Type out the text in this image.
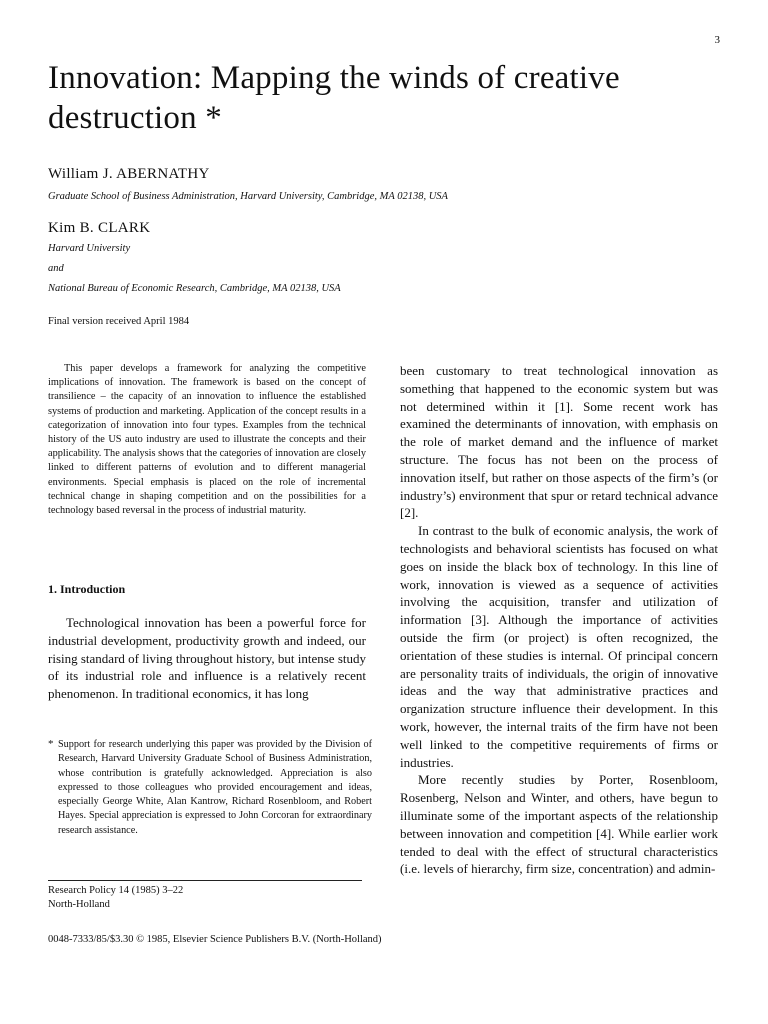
3
Innovation: Mapping the winds of creative destruction *
William J. ABERNATHY
Graduate School of Business Administration, Harvard University, Cambridge, MA 02138, USA
Kim B. CLARK
Harvard University
and
National Bureau of Economic Research, Cambridge, MA 02138, USA
Final version received April 1984

This paper develops a framework for analyzing the competitive implications of innovation. The framework is based on the concept of transilience – the capacity of an innovation to influence the established systems of production and marketing. Application of the concept results in a categorization of innovation into four types. Examples from the technical history of the US auto industry are used to illustrate the concepts and their applicability. The analysis shows that the categories of innovation are closely linked to different patterns of evolution and to different managerial environments. Special emphasis is placed on the role of incremental technical change in shaping competition and on the possibilities for a technology based reversal in the process of industrial maturity.

1. Introduction

Technological innovation has been a powerful force for industrial development, productivity growth and indeed, our rising standard of living throughout history, but intense study of its industrial role and influence is a relatively recent phenomenon. In traditional economics, it has long

* Support for research underlying this paper was provided by the Division of Research, Harvard University Graduate School of Business Administration, whose contribution is gratefully acknowledged. Appreciation is also expressed to those colleagues who provided encouragement and ideas, especially George White, Alan Kantrow, Richard Rosenbloom, and Robert Hayes. Special appreciation is expressed to John Corcoran for extraordinary research assistance.

Research Policy 14 (1985) 3–22
North-Holland

been customary to treat technological innovation as something that happened to the economic system but was not determined within it [1]. Some recent work has examined the determinants of innovation, with emphasis on the role of market demand and the influence of market structure. The focus has not been on the process of innovation itself, but rather on those aspects of the firm’s (or industry’s) environment that spur or retard technical advance [2].

In contrast to the bulk of economic analysis, the work of technologists and behavioral scientists has focused on what goes on inside the black box of technology. In this line of work, innovation is viewed as a sequence of activities involving the acquisition, transfer and utilization of information [3]. Although the importance of activities outside the firm (or project) is often recognized, the orientation of these studies is internal. Of principal concern are personality traits of individuals, the origin of innovative ideas and the way that administrative practices and organization structure influence their development. In this work, however, the internal traits of the firm have not been well linked to the competitive requirements of firms or industries.

More recently studies by Porter, Rosenbloom, Rosenberg, Nelson and Winter, and others, have begun to illuminate some of the important aspects of the relationship between innovation and competition [4]. While earlier work tended to deal with the effect of structural characteristics (i.e. levels of hierarchy, firm size, concentration) and admin-

0048-7333/85/$3.30 © 1985, Elsevier Science Publishers B.V. (North-Holland)
